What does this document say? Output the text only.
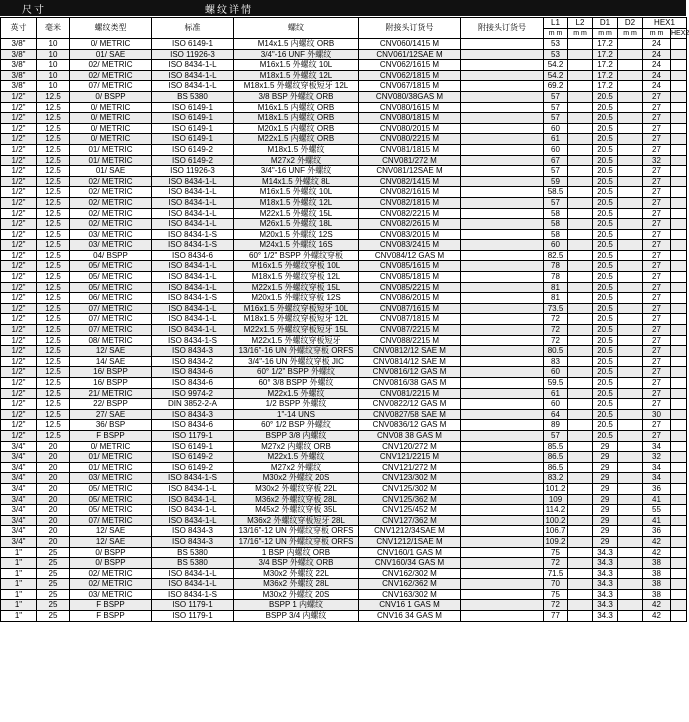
尺寸	螺纹详情
英寸	毫米	螺纹类型	标准	螺纹	附接头订货号	附接头订货号	L1	L2	D1	D2	HEX1	
							m m	m m	m m	m m	m m	HEX2
3/8"	10	0/ METRIC	ISO 6149-1	M14x1.5 内螺纹 ORB	CNV060/1415 M		53		17.2		24	
3/8"	10	01/ SAE	ISO 11926-3	3/4"-16 UNF 外螺纹	CNV061/12SAE M		53		17.2		24	
3/8"	10	02/ METRIC	ISO 8434-1-L	M16x1.5 外螺纹 10L	CNV062/1615 M		54.2		17.2		24	
3/8"	10	02/ METRIC	ISO 8434-1-L	M18x1.5 外螺纹 12L	CNV062/1815 M		54.2		17.2		24	
3/8"	10	07/ METRIC	ISO 8434-1-L	M18x1.5 外螺纹穿板短牙 12L	CNV067/1815 M		69.2		17.2		24	
1/2"	12.5	0/ BSPP	BS 5380	3/8 BSP 外螺纹 ORB	CNV080/38GAS M		57		20.5		27	
1/2"	12.5	0/ METRIC	ISO 6149-1	M16x1.5 内螺纹 ORB	CNV080/1615 M		57		20.5		27	
1/2"	12.5	0/ METRIC	ISO 6149-1	M18x1.5 内螺纹 ORB	CNV080/1815 M		57		20.5		27	
1/2"	12.5	0/ METRIC	ISO 6149-1	M20x1.5 内螺纹 ORB	CNV080/2015 M		60		20.5		27	
1/2"	12.5	0/ METRIC	ISO 6149-1	M22x1.5 内螺纹 ORB	CNV080/2215 M		61		20.5		27	
1/2"	12.5	01/ METRIC	ISO 6149-2	M18x1.5 外螺纹	CNV081/1815 M		60		20.5		27	
1/2"	12.5	01/ METRIC	ISO 6149-2	M27x2 外螺纹	CNV081/272 M		67		20.5		32	
1/2"	12.5	01/ SAE	ISO 11926-3	3/4"-16 UNF 外螺纹	CNV081/12SAE M		57		20.5		27	
1/2"	12.5	02/ METRIC	ISO 8434-1-L	M14x1.5 外螺纹 8L	CNV082/1415 M		59		20.5		27	
1/2"	12.5	02/ METRIC	ISO 8434-1-L	M16x1.5 外螺纹 10L	CNV082/1615 M		58.5		20.5		27	
1/2"	12.5	02/ METRIC	ISO 8434-1-L	M18x1.5 外螺纹 12L	CNV082/1815 M		57		20.5		27	
1/2"	12.5	02/ METRIC	ISO 8434-1-L	M22x1.5 外螺纹 15L	CNV082/2215 M		58		20.5		27	
1/2"	12.5	02/ METRIC	ISO 8434-1-L	M26x1.5 外螺纹 18L	CNV082/2615 M		58		20.5		27	
1/2"	12.5	03/ METRIC	ISO 8434-1-S	M20x1.5 外螺纹 12S	CNV083/2015 M		58		20.5		27	
1/2"	12.5	03/ METRIC	ISO 8434-1-S	M24x1.5 外螺纹 16S	CNV083/2415 M		60		20.5		27	
1/2"	12.5	04/ BSPP	ISO 8434-6	60° 1/2" BSPP 外螺纹穿板	CNV084/12 GAS M		82.5		20.5		27	
1/2"	12.5	05/ METRIC	ISO 8434-1-L	M16x1.5 外螺纹穿板 10L	CNV085/1615 M		78		20.5		27	
1/2"	12.5	05/ METRIC	ISO 8434-1-L	M18x1.5 外螺纹穿板 12L	CNV085/1815 M		78		20.5		27	
1/2"	12.5	05/ METRIC	ISO 8434-1-L	M22x1.5 外螺纹穿板 15L	CNV085/2215 M		81		20.5		27	
1/2"	12.5	06/ METRIC	ISO 8434-1-S	M20x1.5 外螺纹穿板 12S	CNV086/2015 M		81		20.5		27	
1/2"	12.5	07/ METRIC	ISO 8434-1-L	M16x1.5 外螺纹穿板短牙 10L	CNV087/1615 M		73.5		20.5		27	
1/2"	12.5	07/ METRIC	ISO 8434-1-L	M18x1.5 外螺纹穿板短牙 12L	CNV087/1815 M		72		20.5		27	
1/2"	12.5	07/ METRIC	ISO 8434-1-L	M22x1.5 外螺纹穿板短牙 15L	CNV087/2215 M		72		20.5		27	
1/2"	12.5	08/ METRIC	ISO 8434-1-S	M22x1.5 外螺纹穿板短牙	CNV088/2215 M		72		20.5		27	
1/2"	12.5	12/ SAE	ISO 8434-3	13/16"-16 UN 外螺纹穿板 ORFS	CNV0812/12 SAE M		80.5		20.5		27	
1/2"	12.5	14/ SAE	ISO 8434-2	3/4"-16 UN 外螺纹穿板 JIC	CNV0814/12 SAE M		83		20.5		27	
1/2"	12.5	16/ BSPP	ISO 8434-6	60° 1/2" BSPP 外螺纹	CNV0816/12 GAS M		60		20.5		27	
1/2"	12.5	16/ BSPP	ISO 8434-6	60° 3/8 BSPP 外螺纹	CNV0816/38 GAS M		59.5		20.5		27	
1/2"	12.5	21/ METRIC	ISO 9974-2	M22x1.5 外螺纹	CNV081/2215 M		61		20.5		27	
1/2"	12.5	22/ BSPP	DIN 3852-2-A	1/2 BSPP 外螺纹	CNV0822/12 GAS M		60		20.5		27	
1/2"	12.5	27/ SAE	ISO 8434-3	1"-14 UNS	CNV0827/58 SAE M		64		20.5		30	
1/2"	12.5	36/ BSP	ISO 8434-6	60° 1/2 BSP 外螺纹	CNV0836/12 GAS M		89		20.5		27	
1/2"	12.5	F BSPP	ISO 1179-1	BSPP 3/8 内螺纹	CNV08 38 GAS M		57		20.5		27	
3/4"	20	0/ METRIC	ISO 6149-1	M27x2 内螺纹 ORB	CNV120/272 M		85.5		29		34	
3/4"	20	01/ METRIC	ISO 6149-2	M22x1.5 外螺纹	CNV121/2215 M		86.5		29		32	
3/4"	20	01/ METRIC	ISO 6149-2	M27x2 外螺纹	CNV121/272 M		86.5		29		34	
3/4"	20	03/ METRIC	ISO 8434-1-S	M30x2 外螺纹 20S	CNV123/302 M		83.2		29		34	
3/4"	20	05/ METRIC	ISO 8434-1-L	M30x2 外螺纹穿板 22L	CNV125/302 M		101.2		29		36	
3/4"	20	05/ METRIC	ISO 8434-1-L	M36x2 外螺纹穿板 28L	CNV125/362 M		109		29		41	
3/4"	20	05/ METRIC	ISO 8434-1-L	M45x2 外螺纹穿板 35L	CNV125/452 M		114.2		29		55	
3/4"	20	07/ METRIC	ISO 8434-1-L	M36x2 外螺纹穿板短牙 28L	CNV127/362 M		100.2		29		41	
3/4"	20	12/ SAE	ISO 8434-3	13/16"-12 UN 外螺纹穿板 ORFS	CNV1212/34SAE M		106.7		29		36	
3/4"	20	12/ SAE	ISO 8434-3	17/16"-12 UN 外螺纹穿板 ORFS	CNV1212/1SAE M		109.2		29		42	
1"	25	0/ BSPP	BS 5380	1 BSP 内螺纹 ORB	CNV160/1 GAS M		75		34.3		42	
1"	25	0/ BSPP	BS 5380	3/4 BSP 外螺纹 ORB	CNV160/34 GAS M		72		34.3		38	
1"	25	02/ METRIC	ISO 8434-1-L	M30x2 外螺纹 22L	CNV162/302 M		71.5		34.3		38	
1"	25	02/ METRIC	ISO 8434-1-L	M36x2 外螺纹 28L	CNV162/362 M		70		34.3		38	
1"	25	03/ METRIC	ISO 8434-1-S	M30x2 外螺纹 20S	CNV163/302 M		75		34.3		38	
1"	25	F BSPP	ISO 1179-1	BSPP 1 内螺纹	CNV16 1 GAS M		72		34.3		42	
1"	25	F BSPP	ISO 1179-1	BSPP 3/4 内螺纹	CNV16 34 GAS M		77		34.3		42	
